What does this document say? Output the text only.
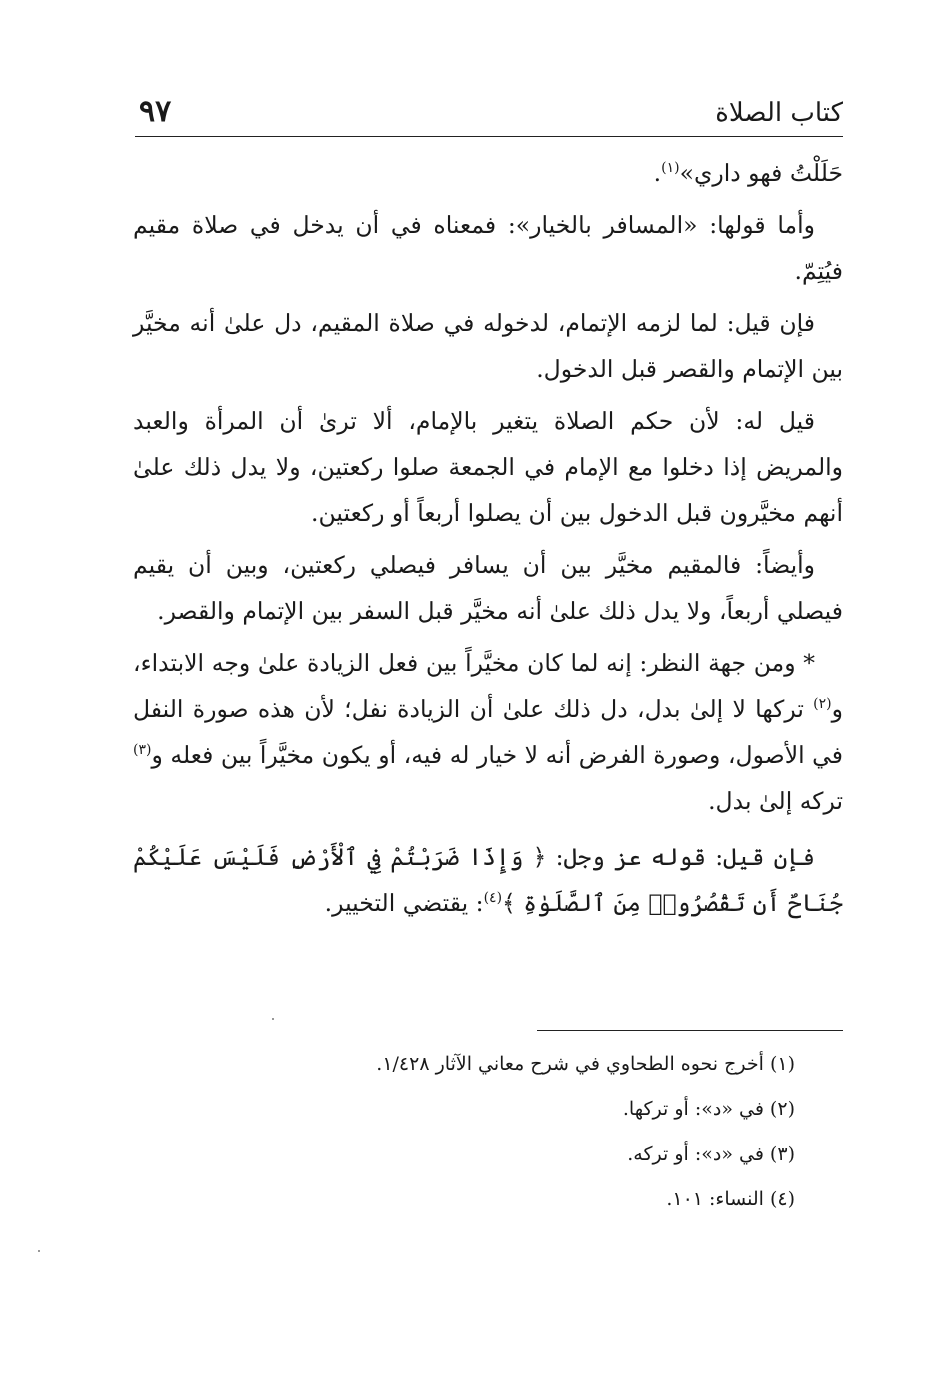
كتاب الصلاة
٩٧

حَلَلْتُ فهو داري»$^{(١)}$.

وأما قولها: «المسافر بالخيار»: فمعناه في أن يدخل في صلاة مقيم فيُتِمّ.

فإن قيل: لما لزمه الإتمام، لدخوله في صلاة المقيم، دل علىٰ أنه مخيَّر بين الإتمام والقصر قبل الدخول.

قيل له: لأن حكم الصلاة يتغير بالإمام، ألا ترىٰ أن المرأة والعبد والمريض إذا دخلوا مع الإمام في الجمعة صلوا ركعتين، ولا يدل ذلك علىٰ أنهم مخيَّرون قبل الدخول بين أن يصلوا أربعاً أو ركعتين.

وأيضاً: فالمقيم مخيَّر بين أن يسافر فيصلي ركعتين، وبين أن يقيم فيصلي أربعاً، ولا يدل ذلك علىٰ أنه مخيَّر قبل السفر بين الإتمام والقصر.

* ومن جهة النظر: إنه لما كان مخيَّراً بين فعل الزيادة علىٰ وجه الابتداء، و$^{(٢)}$ تركها لا إلىٰ بدل، دل ذلك علىٰ أن الزيادة نفل؛ لأن هذه صورة النفل في الأصول، وصورة الفرض أنه لا خيار له فيه، أو يكون مخيَّراً بين فعله و$^{(٣)}$ تركه إلىٰ بدل.

فإن قيل: قوله عز وجل: ﴿ وَإِذَا ضَرَبْتُمْ فِي ٱلْأَرْضِ فَلَيْسَ عَلَيْكُمْ جُنَاحٌ أَن تَقْصُرُوا۟ مِنَ ٱلصَّلَوٰةِ ﴾$^{(٤)}$: يقتضي التخيير.

(١) أخرج نحوه الطحاوي في شرح معاني الآثار ١/٤٢٨.

(٢) في «د»: أو تركها.

(٣) في «د»: أو تركه.

(٤) النساء: ١٠١.
